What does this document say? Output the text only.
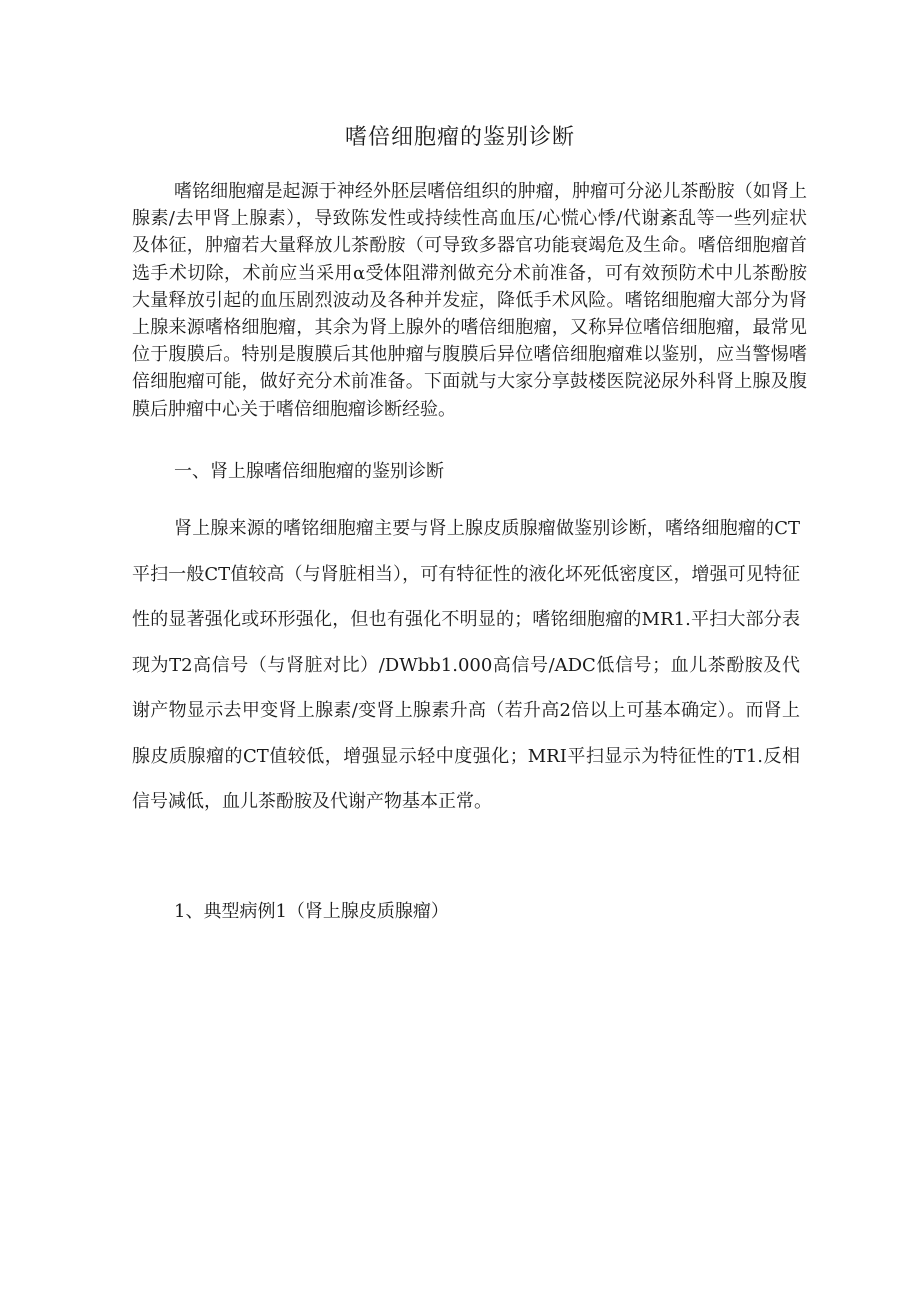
嗜倍细胞瘤的鉴别诊断

嗜铭细胞瘤是起源于神经外胚层嗜倍组织的肿瘤，肿瘤可分泌儿茶酚胺（如肾上腺素/去甲肾上腺素），导致陈发性或持续性高血压/心慌心悸/代谢紊乱等一些列症状及体征，肿瘤若大量释放儿茶酚胺（可导致多器官功能衰竭危及生命。嗜倍细胞瘤首选手术切除，术前应当采用α受体阻滞剂做充分术前准备，可有效预防术中儿茶酚胺大量释放引起的血压剧烈波动及各种并发症，降低手术风险。嗜铭细胞瘤大部分为肾上腺来源嗜格细胞瘤，其余为肾上腺外的嗜倍细胞瘤，又称异位嗜倍细胞瘤，最常见位于腹膜后。特别是腹膜后其他肿瘤与腹膜后异位嗜倍细胞瘤难以鉴别，应当警惕嗜倍细胞瘤可能，做好充分术前准备。下面就与大家分享鼓楼医院泌尿外科肾上腺及腹膜后肿瘤中心关于嗜倍细胞瘤诊断经验。

一、肾上腺嗜倍细胞瘤的鉴别诊断

肾上腺来源的嗜铭细胞瘤主要与肾上腺皮质腺瘤做鉴别诊断，嗜络细胞瘤的CT平扫一般CT值较高（与肾脏相当），可有特征性的液化坏死低密度区，增强可见特征性的显著强化或环形强化，但也有强化不明显的；嗜铭细胞瘤的MR1.平扫大部分表现为T2高信号（与肾脏对比）/DWbb1.000高信号/ADC低信号；血儿茶酚胺及代谢产物显示去甲变肾上腺素/变肾上腺素升高（若升高2倍以上可基本确定）。而肾上腺皮质腺瘤的CT值较低，增强显示轻中度强化；MRI平扫显示为特征性的T1.反相信号减低，血儿茶酚胺及代谢产物基本正常。

1、典型病例1（肾上腺皮质腺瘤）
